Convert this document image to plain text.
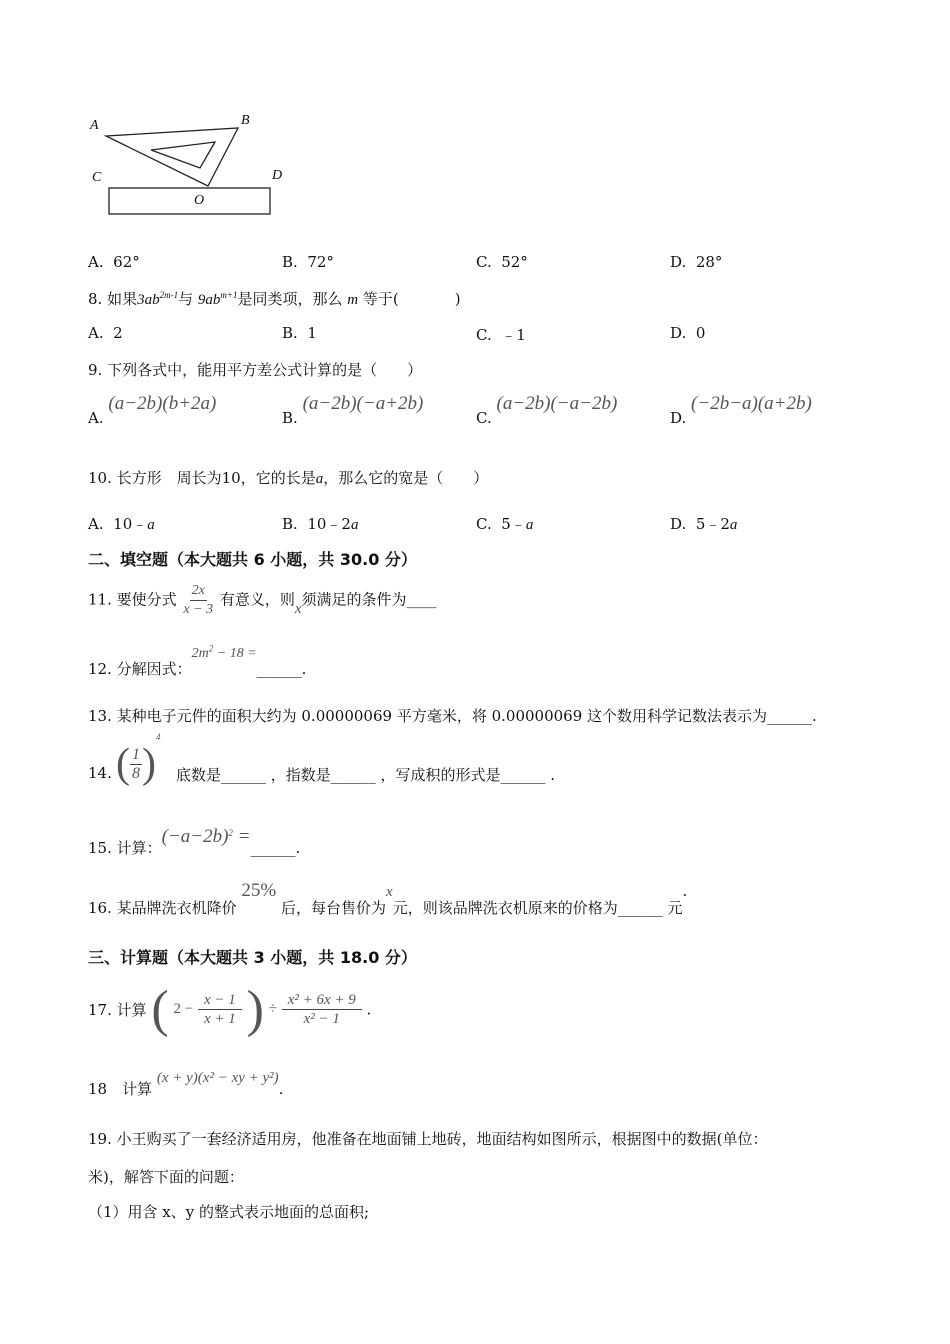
A	B
C	D
O
A. 62°	B. 72°	C. 52°	D. 28°
8. 如果$3ab^{2m-1}$与 $9ab^{m+1}$是同类项，那么 m 等于(	)
A. 2	B. 1	C. ﹣1	D. 0
9. 下列各式中，能用平方差公式计算的是（　　）
A. (a−2b)(b+2a)
B. (a−2b)(−a+2b)
C. (a−2b)(−a−2b)
D. (−2b−a)(a+2b)
10. 长方形　周长为10，它的长是a，那么它的宽是（　　）
A. 10﹣a	B. 10﹣2a	C. 5﹣a	D. 5﹣2a
二、填空题（本大题共 6 小题，共 30.0 分）
11. 要使分式 $\frac{2x}{x - 3}$ 有意义，则x须满足的条件为____
12. 分解因式：$2m^2 - 18$ =______.
13. 某种电子元件的面积大约为 0.00000069 平方毫米，将 0.00000069 这个数用科学记数法表示为______.
14. ( $\frac{1}{8} )^4$
底数是______ ，指数是______ ，写成积的形式是______ .
15. 计算：$(-a-2b)^2$ =______.
16. 某品牌洗衣机降价 25% 后，每台售价为x元，则该品牌洗衣机原来的价格为______ 元.
三、计算题（本大题共 3 小题，共 18.0 分）
17. 计算 ( $2 - \frac{x - 1}{x + 1}$ ) ÷ $\frac{\text{x² + 6x + 9}}{\text{x² − 1}}$ .
18　计算 (x + y)(x² − xy + y²).
19. 小王购买了一套经济适用房，他准备在地面铺上地砖，地面结构如图所示，根据图中的数据(单位：
米)，解答下面的问题：
（1）用含 x、y 的整式表示地面的总面积;
